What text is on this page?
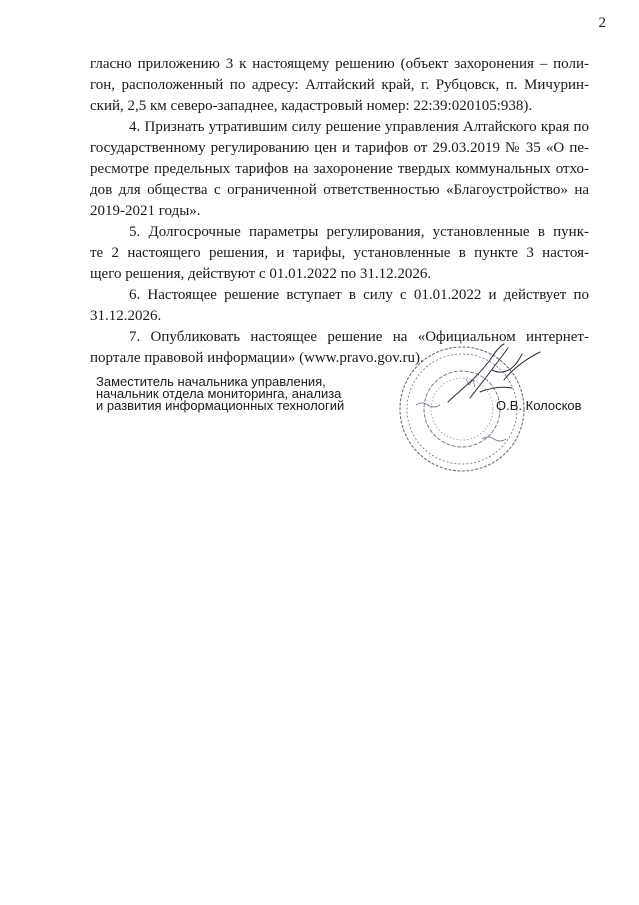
2
гласно приложению 3 к настоящему решению (объект захоронения – поли-
гон, расположенный по адресу: Алтайский край, г. Рубцовск, п. Мичурин-
ский, 2,5 км северо-западнее, кадастровый номер: 22:39:020105:938).
4. Признать утратившим силу решение управления Алтайского края по
государственному регулированию цен и тарифов от 29.03.2019 № 35 «О пе-
ресмотре предельных тарифов на захоронение твердых коммунальных отхо-
дов для общества с ограниченной ответственностью «Благоустройство» на
2019-2021 годы».
5. Долгосрочные параметры регулирования, установленные в пунк-
те 2 настоящего решения, и тарифы, установленные в пункте 3 настоя-
щего решения, действуют с 01.01.2022 по 31.12.2026.
6. Настоящее решение вступает в силу с 01.01.2022 и действует по
31.12.2026.
7. Опубликовать настоящее решение на «Официальном интернет-
портале правовой информации» (www.pravo.gov.ru).
Заместитель начальника управления,
начальник отдела мониторинга, анализа
и развития информационных технологий	О.В. Колосков
